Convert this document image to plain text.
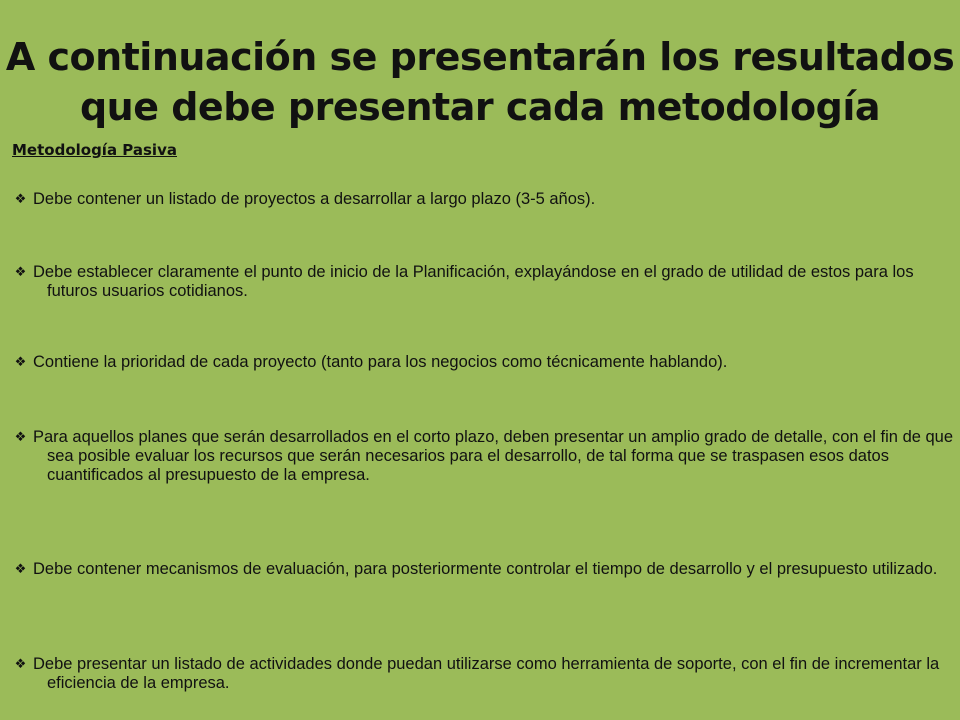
A continuación se presentarán los resultados que debe presentar cada metodología
Metodología Pasiva

❖ Debe contener un listado de proyectos a desarrollar a largo plazo (3-5 años).

❖ Debe establecer claramente el punto de inicio de la Planificación, explayándose en el grado de utilidad de estos para los futuros usuarios cotidianos.

❖ Contiene la prioridad de cada proyecto (tanto para los negocios como técnicamente hablando).

❖ Para aquellos planes que serán desarrollados en el corto plazo, deben presentar un amplio grado de detalle, con el fin de que sea posible evaluar los recursos que serán necesarios para el desarrollo, de tal forma que se traspasen esos datos cuantificados al presupuesto de la empresa.

❖ Debe contener mecanismos de evaluación, para posteriormente controlar el tiempo de desarrollo y el presupuesto utilizado.

❖ Debe presentar un listado de actividades donde puedan utilizarse como herramienta de soporte, con el fin de incrementar la eficiencia de la empresa.
